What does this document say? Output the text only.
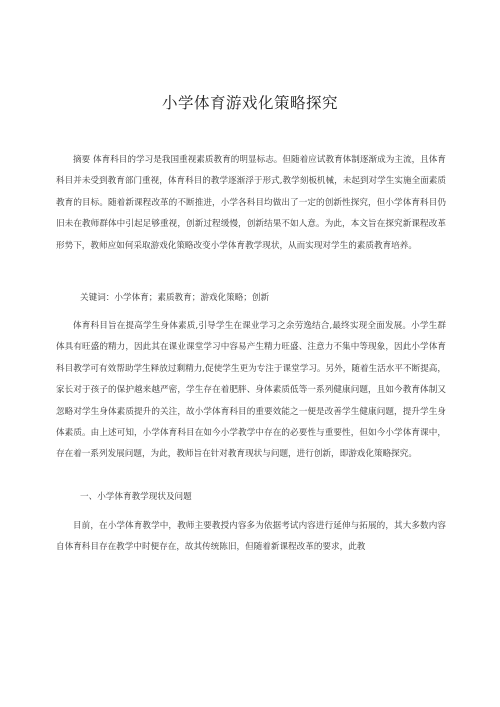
小学体育游戏化策略探究

摘要 体育科目的学习是我国重视素质教育的明显标志。但随着应试教育体制逐渐成为主流，且体育科目并未受到教育部门重视，体育科目的教学逐渐浮于形式,教学刻板机械，未起到对学生实施全面素质教育的目标。随着新课程改革的不断推进，小学各科目均做出了一定的创新性探究，但小学体育科目仍旧未在教师群体中引起足够重视，创新过程缓慢，创新结果不如人意。为此，本文旨在探究新课程改革形势下，教师应如何采取游戏化策略改变小学体育教学现状，从而实现对学生的素质教育培养。

关键词：小学体育；素质教育；游戏化策略；创新

体育科目旨在提高学生身体素质,引导学生在课业学习之余劳逸结合,最终实现全面发展。小学生群体具有旺盛的精力，因此其在课业课堂学习中容易产生精力旺盛、注意力不集中等现象，因此小学体育科目教学可有效帮助学生释放过剩精力,促使学生更为专注于课堂学习。另外，随着生活水平不断提高，家长对于孩子的保护越来越严密，学生存在着肥胖、身体素质低等一系列健康问题，且如今教育体制又忽略对学生身体素质提升的关注，故小学体育科目的重要效能之一便是改善学生健康问题，提升学生身体素质。由上述可知，小学体育科目在如今小学教学中存在的必要性与重要性，但如今小学体育课中，存在着一系列发展问题，为此，教师旨在针对教育现状与问题，进行创新，即游戏化策略探究。

一、小学体育教学现状及问题

目前，在小学体育教学中，教师主要教授内容多为依据考试内容进行延伸与拓展的，其大多数内容自体育科目存在教学中时便存在，故其传统陈旧，但随着新课程改革的要求，此教
